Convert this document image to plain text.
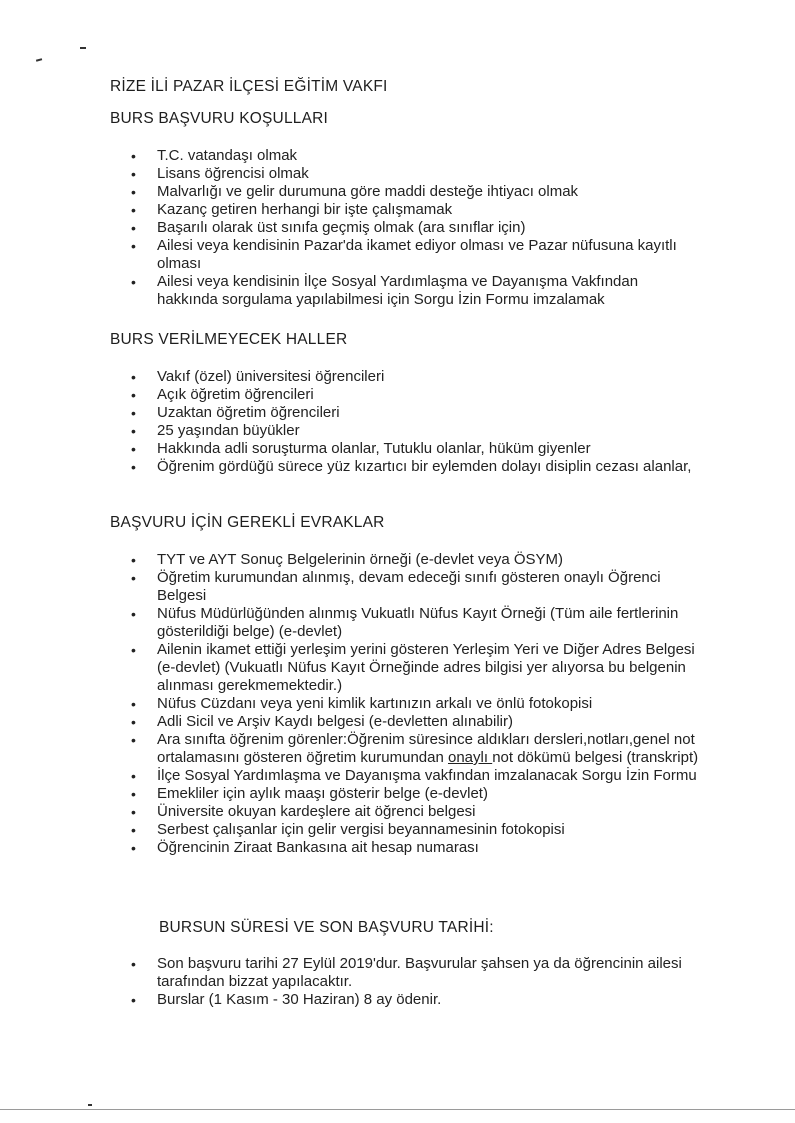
RİZE İLİ PAZAR İLÇESİ EĞİTİM VAKFI
BURS BAŞVURU KOŞULLARI
• T.C. vatandaşı olmak
• Lisans öğrencisi olmak
• Malvarlığı ve gelir durumuna göre maddi desteğe ihtiyacı olmak
• Kazanç getiren herhangi bir işte çalışmamak
• Başarılı olarak üst sınıfa geçmiş olmak (ara sınıflar için)
• Ailesi veya kendisinin Pazar'da ikamet ediyor olması ve Pazar nüfusuna kayıtlı olması
• Ailesi veya kendisinin İlçe Sosyal Yardımlaşma ve Dayanışma Vakfından hakkında sorgulama yapılabilmesi için Sorgu İzin Formu imzalamak
BURS VERİLMEYECEK HALLER
• Vakıf (özel) üniversitesi öğrencileri
• Açık öğretim öğrencileri
• Uzaktan öğretim öğrencileri
• 25 yaşından büyükler
• Hakkında adli soruşturma olanlar, Tutuklu olanlar, hüküm giyenler
• Öğrenim gördüğü sürece yüz kızartıcı bir eylemden dolayı disiplin cezası alanlar,
BAŞVURU İÇİN GEREKLİ EVRAKLAR
• TYT ve AYT Sonuç Belgelerinin örneği (e-devlet veya ÖSYM)
• Öğretim kurumundan alınmış, devam edeceği sınıfı gösteren onaylı Öğrenci Belgesi
• Nüfus Müdürlüğünden alınmış Vukuatlı Nüfus Kayıt Örneği (Tüm aile fertlerinin gösterildiği belge) (e-devlet)
• Ailenin ikamet ettiği yerleşim yerini gösteren Yerleşim Yeri ve Diğer Adres Belgesi (e-devlet) (Vukuatlı Nüfus Kayıt Örneğinde adres bilgisi yer alıyorsa bu belgenin alınması gerekmemektedir.)
• Nüfus Cüzdanı veya yeni kimlik kartınızın arkalı ve önlü fotokopisi
• Adli Sicil ve Arşiv Kaydı belgesi (e-devletten alınabilir)
• Ara sınıfta öğrenim görenler:Öğrenim süresince aldıkları dersleri,notları,genel not ortalamasını gösteren öğretim kurumundan onaylı not dökümü belgesi (transkript)
• İlçe Sosyal Yardımlaşma ve Dayanışma vakfından imzalanacak Sorgu İzin Formu
• Emekliler için aylık maaşı gösterir belge (e-devlet)
• Üniversite okuyan kardeşlere ait öğrenci belgesi
• Serbest çalışanlar için gelir vergisi beyannamesinin fotokopisi
• Öğrencinin Ziraat Bankasına ait hesap numarası
BURSUN SÜRESİ VE SON BAŞVURU TARİHİ:
• Son başvuru tarihi 27 Eylül 2019'dur. Başvurular şahsen ya da öğrencinin ailesi tarafından bizzat yapılacaktır.
• Burslar (1 Kasım - 30 Haziran) 8 ay ödenir.
